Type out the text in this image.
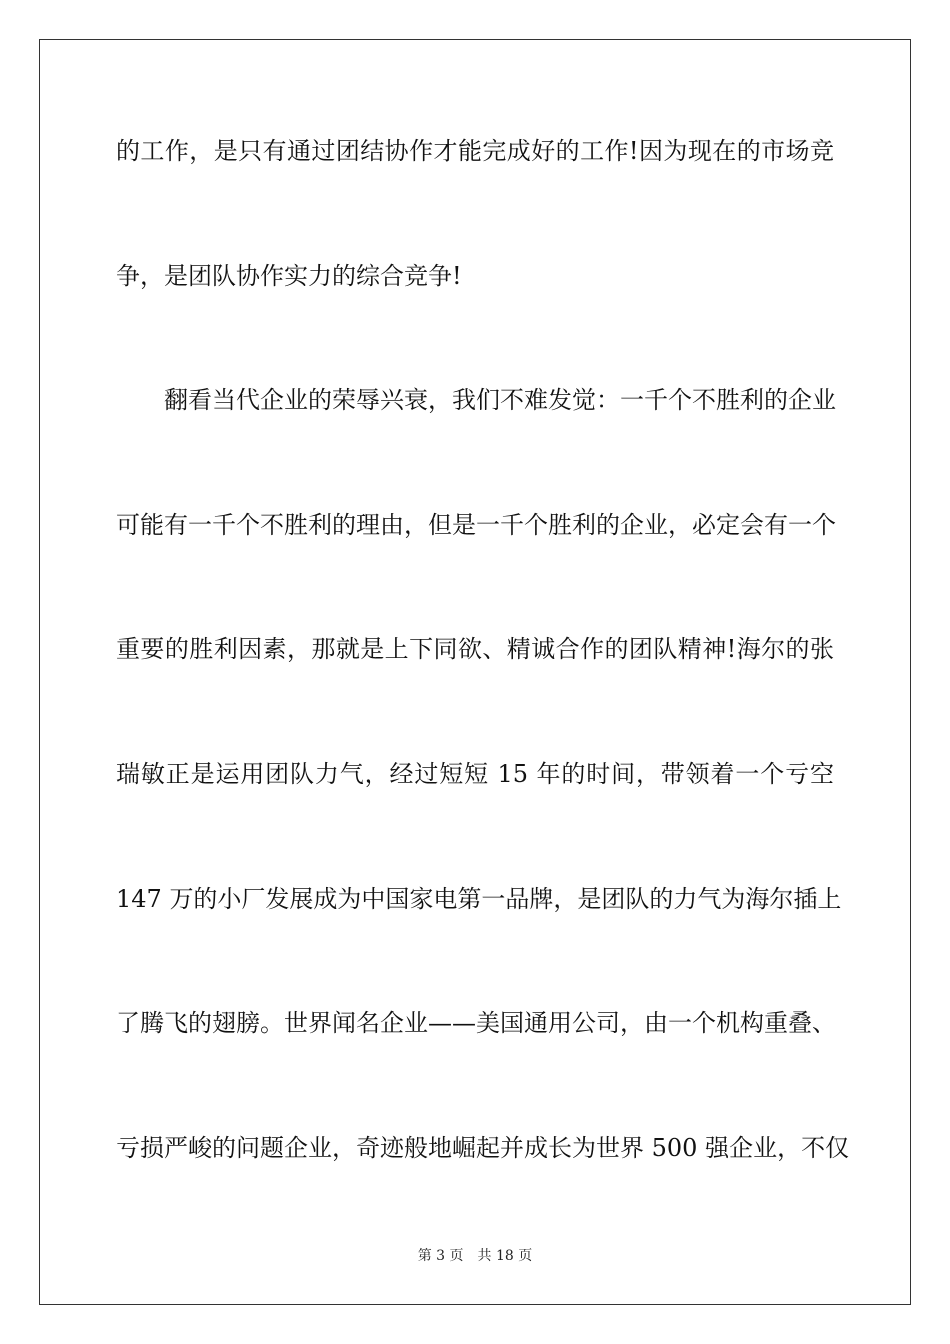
的工作，是只有通过团结协作才能完成好的工作!因为现在的市场竞
争，是团队协作实力的综合竞争!
　　翻看当代企业的荣辱兴衰，我们不难发觉：一千个不胜利的企业
可能有一千个不胜利的理由，但是一千个胜利的企业，必定会有一个
重要的胜利因素，那就是上下同欲、精诚合作的团队精神!海尔的张
瑞敏正是运用团队力气，经过短短 15 年的时间，带领着一个亏空
147 万的小厂发展成为中国家电第一品牌，是团队的力气为海尔插上
了腾飞的翅膀。世界闻名企业——美国通用公司，由一个机构重叠、
亏损严峻的问题企业，奇迹般地崛起并成长为世界 500 强企业，不仅
第 3 页 共 18 页
